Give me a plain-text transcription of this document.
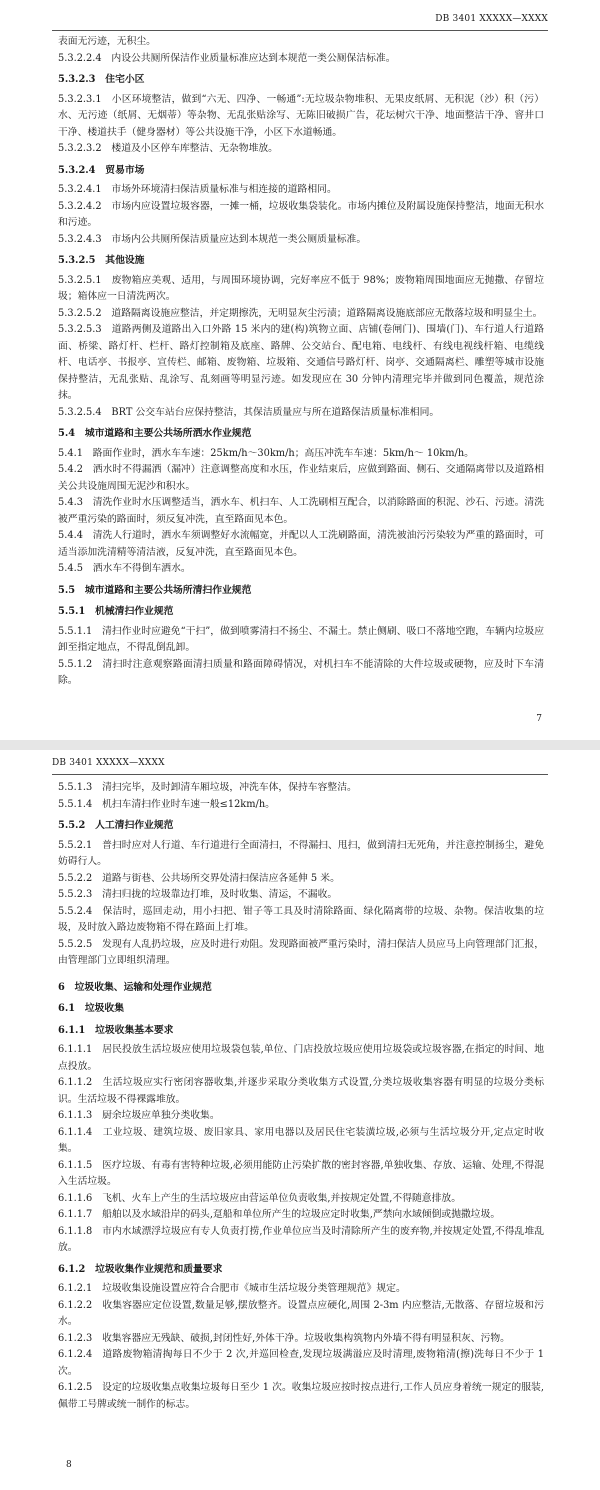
DB 3401 XXXXX—XXXX
表面无污迹，无积尘。
5.3.2.2.4　内设公共厕所保洁作业质量标准应达到本规范一类公厕保洁标准。
5.3.2.3　住宅小区
5.3.2.3.1　小区环境整洁，做到“六无、四净、一畅通”:无垃圾杂物堆积、无果皮纸屑、无积泥（沙）积（污）水、无污迹（纸屑、无烟蒂）等杂物、无乱张贴涂写、无陈旧破损广告，花坛树穴干净、地面整洁干净、窨井口干净、楼道扶手（健身器材）等公共设施干净，小区下水道畅通。
5.3.2.3.2　楼道及小区停车库整洁、无杂物堆放。
5.3.2.4　贸易市场
5.3.2.4.1　市场外环境清扫保洁质量标准与相连接的道路相同。
5.3.2.4.2　市场内应设置垃圾容器，一摊一桶，垃圾收集袋装化。市场内摊位及附属设施保持整洁，地面无积水和污迹。
5.3.2.4.3　市场内公共厕所保洁质量应达到本规范一类公厕质量标准。
5.3.2.5　其他设施
5.3.2.5.1　废物箱应美观、适用，与周围环境协调，完好率应不低于 98%；废物箱周围地面应无抛撒、存留垃圾；箱体应一日清洗两次。
5.3.2.5.2　道路隔离设施应整洁，并定期擦洗，无明显灰尘污渍；道路隔离设施底部应无散落垃圾和明显尘土。
5.3.2.5.3　道路两侧及道路出入口外路 15 米内的建(构)筑物立面、店铺(卷闸门)、围墙(门)、车行道人行道路面、桥梁、路灯杆、栏杆、路灯控制箱及底座、路牌、公交站台、配电箱、电线杆、有线电视线杆箱、电缆线杆、电话亭、书报亭、宣传栏、邮箱、废物箱、垃圾箱、交通信号路灯杆、岗亭、交通隔离栏、雕塑等城市设施保持整洁，无乱张贴、乱涂写、乱刻画等明显污迹。如发现应在 30 分钟内清理完毕并做到同色覆盖，规范涂抹。
5.3.2.5.4　BRT 公交车站台应保持整洁，其保洁质量应与所在道路保洁质量标准相同。
5.4　城市道路和主要公共场所洒水作业规范
5.4.1　路面作业时，洒水车车速：25km/h～30km/h；高压冲洗车车速：5km/h～ 10km/h。
5.4.2　洒水时不得漏洒（漏冲）注意调整高度和水压，作业结束后，应做到路面、侧石、交通隔离带以及道路相关公共设施周围无泥沙和积水。
5.4.3　清洗作业时水压调整适当，洒水车、机扫车、人工洗刷相互配合，以消除路面的积泥、沙石、污迹。清洗被严重污染的路面时，须反复冲洗，直至路面见本色。
5.4.4　清洗人行道时，洒水车须调整好水流幅宽，并配以人工洗刷路面，清洗被油污污染较为严重的路面时，可适当添加洗清精等清洁液，反复冲洗，直至路面见本色。
5.4.5　洒水车不得倒车洒水。
5.5　城市道路和主要公共场所清扫作业规范
5.5.1　机械清扫作业规范
5.5.1.1　清扫作业时应避免“干扫”，做到喷雾清扫不扬尘、不漏土。禁止侧刷、吸口不落地空跑，车辆内垃圾应卸至指定地点，不得乱倒乱卸。
5.5.1.2　清扫时注意观察路面清扫质量和路面障碍情况，对机扫车不能清除的大件垃圾或硬物，应及时下车清除。
7
DB 3401 XXXXX—XXXX
5.5.1.3　清扫完毕，及时卸清车厢垃圾，冲洗车体，保持车容整洁。
5.5.1.4　机扫车清扫作业时车速一般≤12km/h。
5.5.2　人工清扫作业规范
5.5.2.1　普扫时应对人行道、车行道进行全面清扫，不得漏扫、甩扫，做到清扫无死角，并注意控制扬尘，避免妨碍行人。
5.5.2.2　道路与街巷、公共场所交界处清扫保洁应各延伸 5 米。
5.5.2.3　清扫归拢的垃圾靠边打堆，及时收集、清运，不漏收。
5.5.2.4　保洁时，巡回走动，用小扫把、钳子等工具及时清除路面、绿化隔离带的垃圾、杂物。保洁收集的垃圾，及时放入路边废物箱不得在路面上打堆。
5.5.2.5　发现有人乱扔垃圾，应及时进行劝阻。发现路面被严重污染时，清扫保洁人员应马上向管理部门汇报，由管理部门立即组织清理。
6　垃圾收集、运输和处理作业规范
6.1　垃圾收集
6.1.1　垃圾收集基本要求
6.1.1.1　居民投放生活垃圾应使用垃圾袋包装,单位、门店投放垃圾应使用垃圾袋或垃圾容器,在指定的时间、地点投放。
6.1.1.2　生活垃圾应实行密闭容器收集,并逐步采取分类收集方式设置,分类垃圾收集容器有明显的垃圾分类标识。生活垃圾不得裸露堆放。
6.1.1.3　厨余垃圾应单独分类收集。
6.1.1.4　工业垃圾、建筑垃圾、废旧家具、家用电器以及居民住宅装潢垃圾,必须与生活垃圾分开,定点定时收集。
6.1.1.5　医疗垃圾、有毒有害特种垃圾,必须用能防止污染扩散的密封容器,单独收集、存放、运输、处理,不得混入生活垃圾。
6.1.1.6　飞机、火车上产生的生活垃圾应由营运单位负责收集,并按规定处置,不得随意排放。
6.1.1.7　船舶以及水域沿岸的码头,趸船和单位所产生的垃圾应定时收集,严禁向水域倾倒或抛撒垃圾。
6.1.1.8　市内水域漂浮垃圾应有专人负责打捞,作业单位应当及时清除所产生的废弃物,并按规定处置,不得乱堆乱放。
6.1.2　垃圾收集作业规范和质量要求
6.1.2.1　垃圾收集设施设置应符合合肥市《城市生活垃圾分类管理规范》规定。
6.1.2.2　收集容器应定位设置,数量足够,摆放整齐。设置点应硬化,周围 2-3m 内应整洁,无散落、存留垃圾和污水。
6.1.2.3　收集容器应无残缺、破损,封闭性好,外体干净。垃圾收集构筑物内外墙不得有明显积灰、污物。
6.1.2.4　道路废物箱清掏每日不少于 2 次,并巡回检查,发现垃圾满溢应及时清理,废物箱清(擦)洗每日不少于 1 次。
6.1.2.5　设定的垃圾收集点收集垃圾每日至少 1 次。收集垃圾应按时按点进行,工作人员应身着统一规定的服装,佩带工号牌或统一制作的标志。
8
